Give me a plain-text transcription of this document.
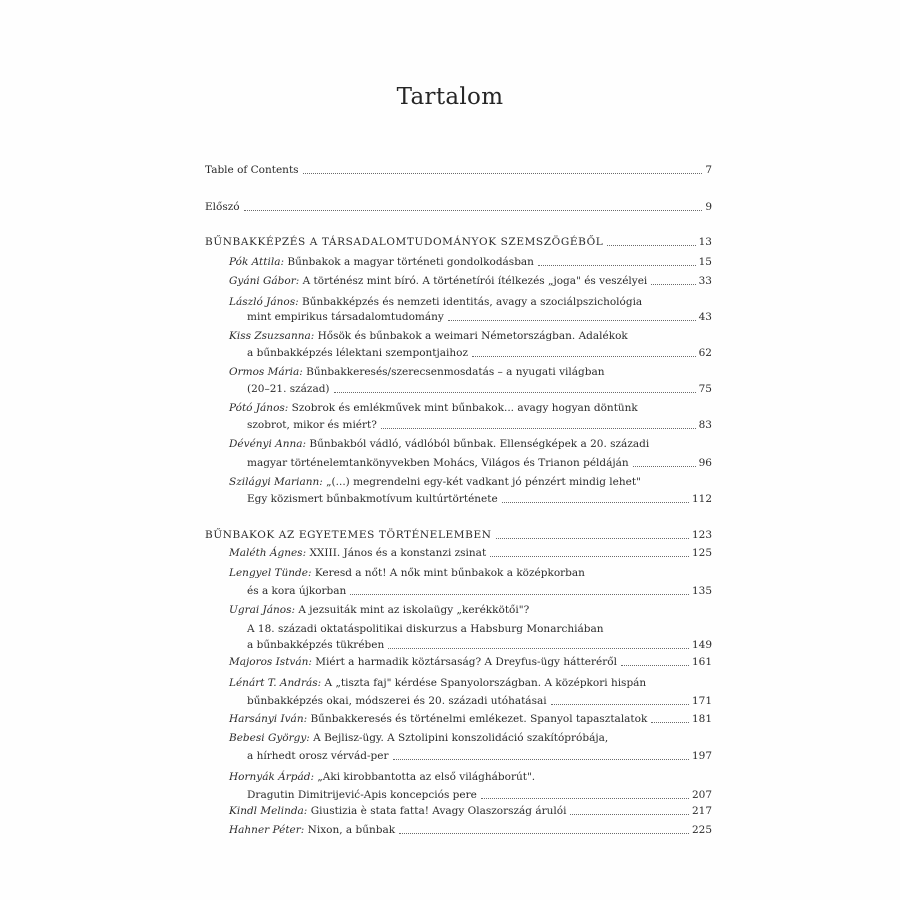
Tartalom
Table of Contents	7
Előszó	9
BŰNBAKKÉPZÉS A TÁRSADALOMTUDOMÁNYOK SZEMSZÖGÉBŐL	13
Pók Attila: Bűnbakok a magyar történeti gondolkodásban	15
Gyáni Gábor: A történész mint bíró. A történetírói ítélkezés „joga" és veszélyei	33
László János: Bűnbakképzés és nemzeti identitás, avagy a szociálpszichológia
mint empirikus társadalomtudomány	43
Kiss Zsuzsanna: Hősök és bűnbakok a weimari Németországban. Adalékok
a bűnbakképzés lélektani szempontjaihoz	62
Ormos Mária: Bűnbakkeresés/szerecsenmosdatás – a nyugati világban
(20–21. század)	75
Pótó János: Szobrok és emlékművek mint bűnbakok... avagy hogyan döntünk
szobrot, mikor és miért?	83
Dévényi Anna: Bűnbakból vádló, vádlóból bűnbak. Ellenségképek a 20. századi
magyar történelemtankönyvekben Mohács, Világos és Trianon példáján	96
Szilágyi Mariann: „(...) megrendelni egy-két vadkant jó pénzért mindig lehet"
Egy közismert bűnbakmotívum kultúrtörténete	112
BŰNBAKOK AZ EGYETEMES TÖRTÉNELEMBEN	123
Maléth Ágnes: XXIII. János és a konstanzi zsinat	125
Lengyel Tünde: Keresd a nőt! A nők mint bűnbakok a középkorban
és a kora újkorban	135
Ugrai János: A jezsuiták mint az iskolaügy „kerékkötői"?
A 18. századi oktatáspolitikai diskurzus a Habsburg Monarchiában
a bűnbakképzés tükrében	149
Majoros István: Miért a harmadik köztársaság? A Dreyfus-ügy hátteréről	161
Lénárt T. András: A „tiszta faj" kérdése Spanyolországban. A középkori hispán
bűnbakképzés okai, módszerei és 20. századi utóhatásai	171
Harsányi Iván: Bűnbakkeresés és történelmi emlékezet. Spanyol tapasztalatok	181
Bebesi György: A Bejlisz-ügy. A Sztolipini konszolidáció szakítópróbája,
a hírhedt orosz vérvád-per	197
Hornyák Árpád: „Aki kirobbantotta az első világháborút".
Dragutin Dimitrijević-Apis koncepciós pere	207
Kindl Melinda: Giustizia è stata fatta! Avagy Olaszország árulói	217
Hahner Péter: Nixon, a bűnbak	225
